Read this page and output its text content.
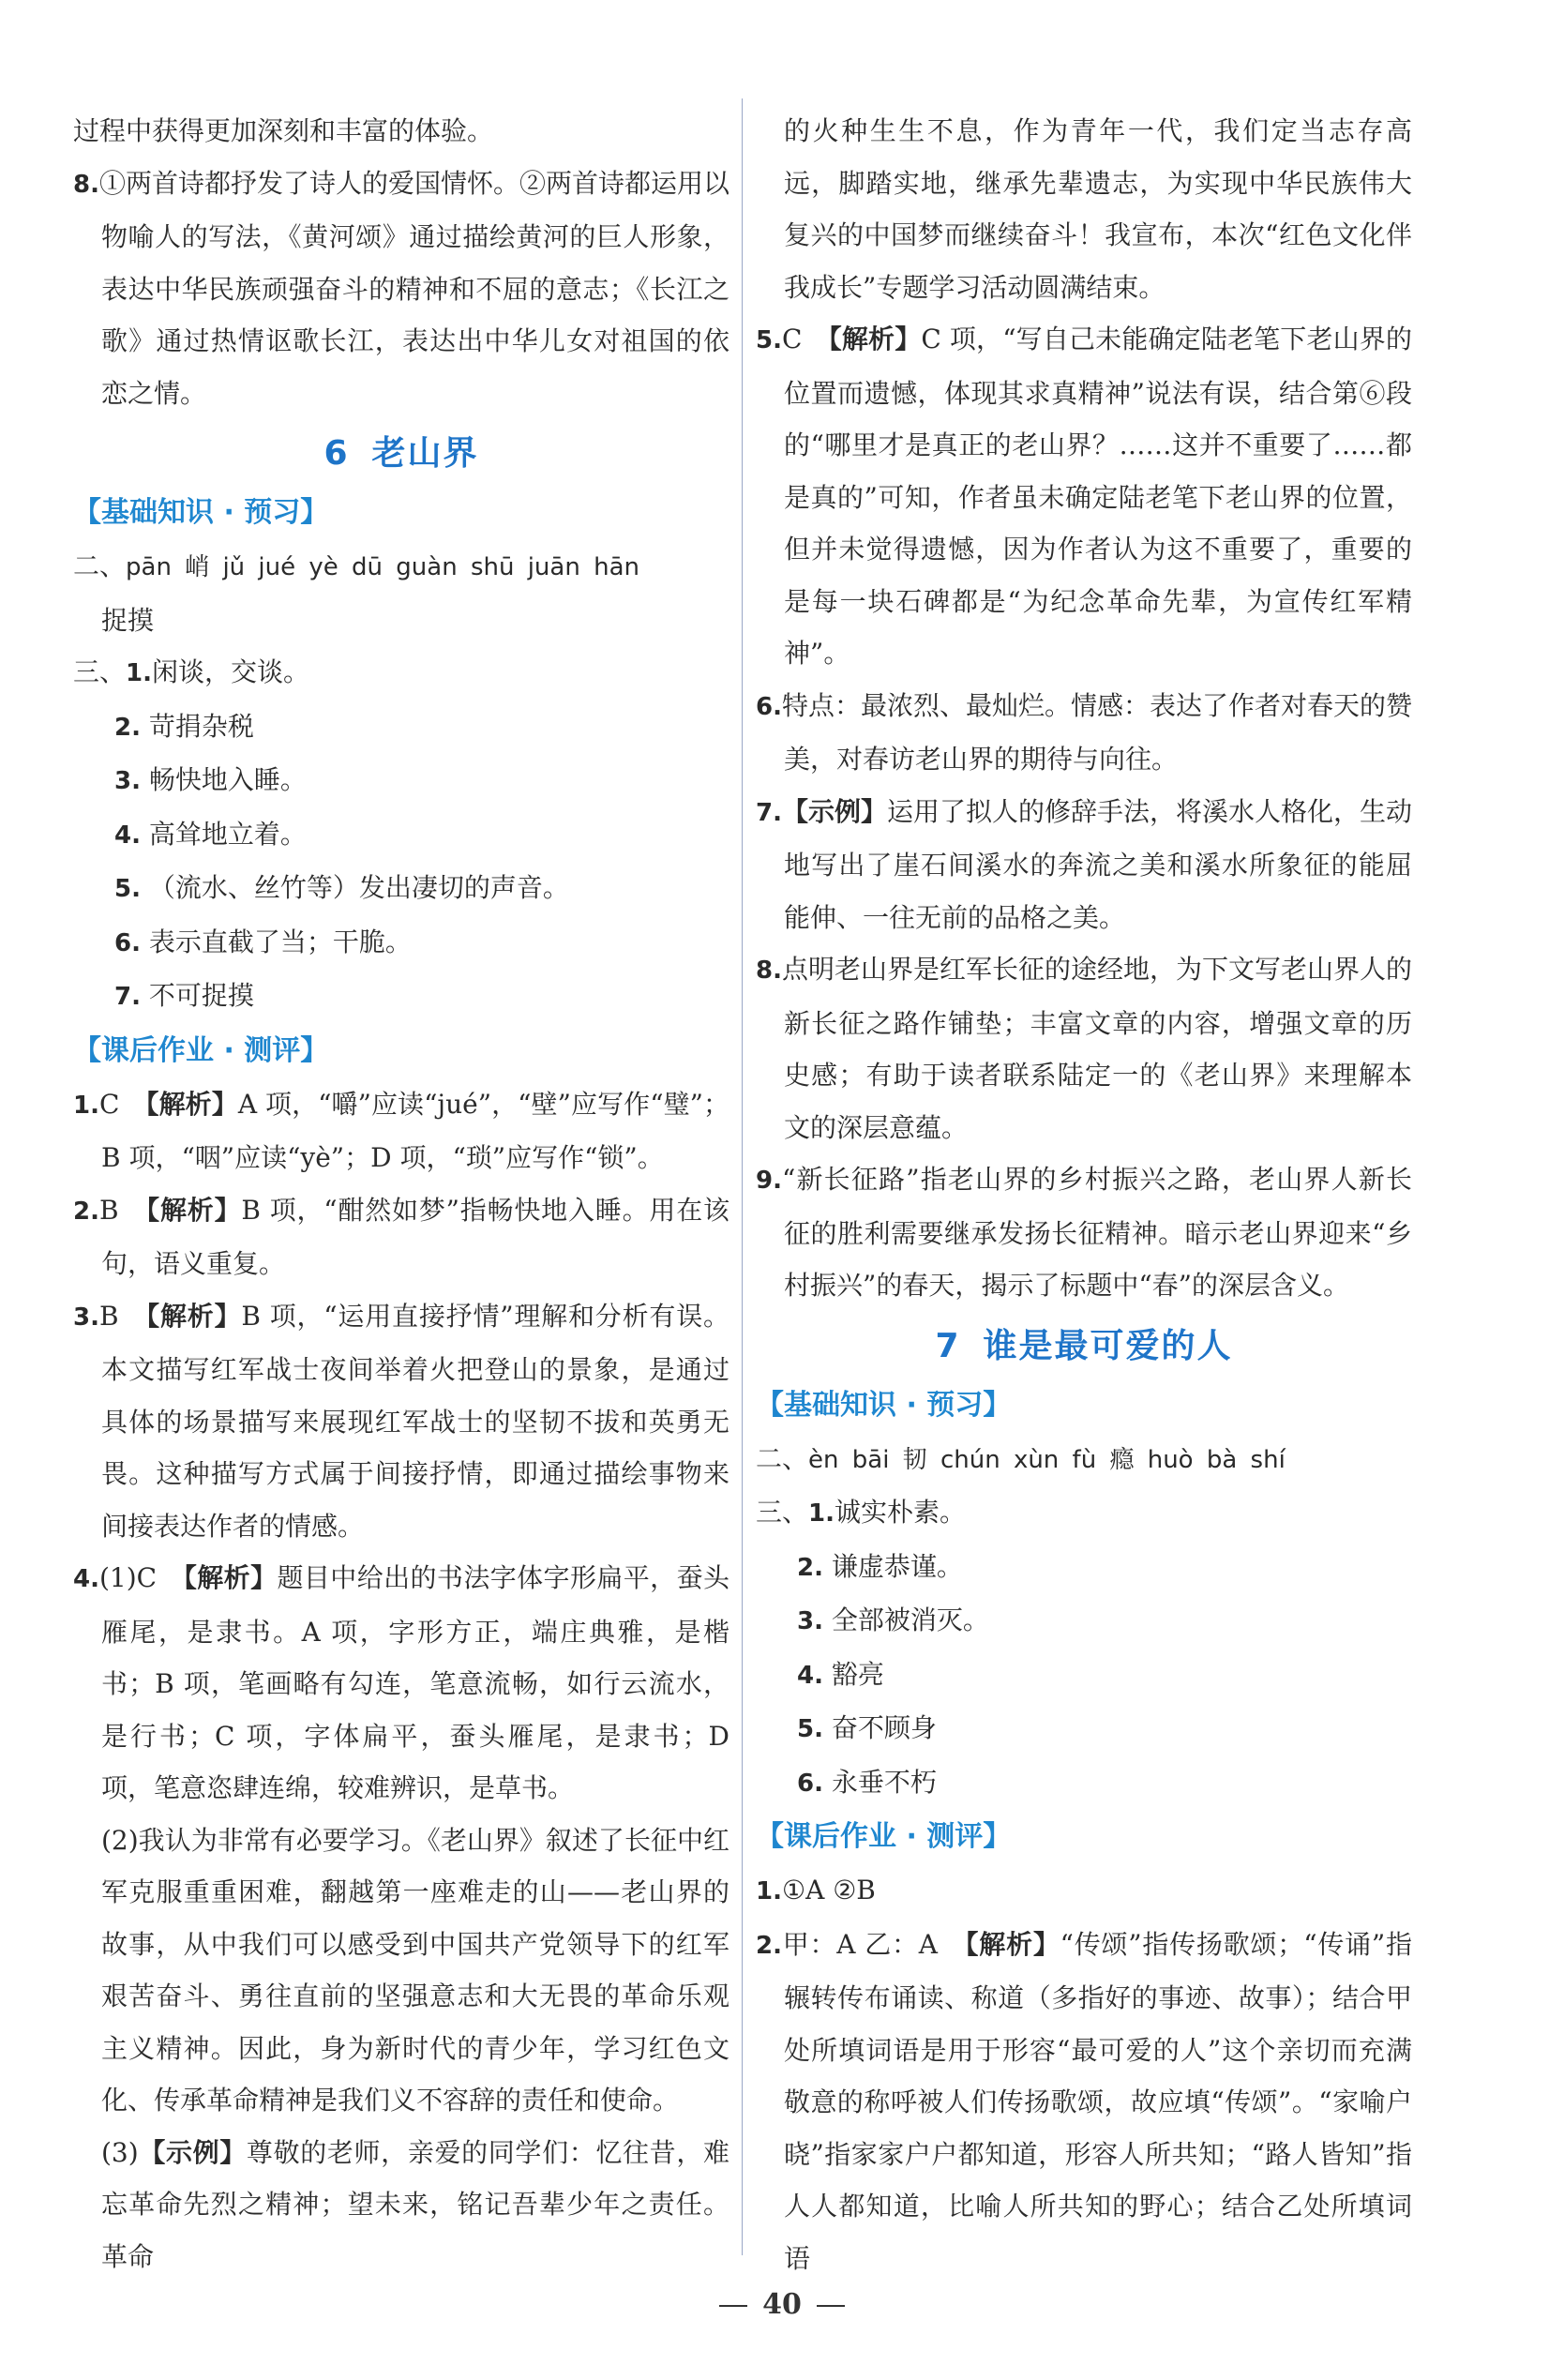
过程中获得更加深刻和丰富的体验。

8.①两首诗都抒发了诗人的爱国情怀。②两首诗都运用以物喻人的写法，《黄河颂》通过描绘黄河的巨人形象，表达中华民族顽强奋斗的精神和不屈的意志；《长江之歌》通过热情讴歌长江，表达出中华儿女对祖国的依恋之情。

6 老山界

【基础知识 · 预习】

二、pān 峭 jǔ jué yè dū guàn shū juān hān

捉摸

三、1.闲谈，交谈。

2. 苛捐杂税

3. 畅快地入睡。

4. 高耸地立着。

5. （流水、丝竹等）发出凄切的声音。

6. 表示直截了当；干脆。

7. 不可捉摸

【课后作业 · 测评】

1.C　 【解析】A 项，“嚼”应读“jué”，“壁”应写作“璧”；B 项，“咽”应读“yè”；D 项，“琐”应写作“锁”。

2.B　 【解析】B 项，“酣然如梦”指畅快地入睡。用在该句，语义重复。

3.B　 【解析】B 项，“运用直接抒情”理解和分析有误。本文描写红军战士夜间举着火把登山的景象，是通过具体的场景描写来展现红军战士的坚韧不拔和英勇无畏。这种描写方式属于间接抒情，即通过描绘事物来间接表达作者的情感。

4.(1)C　 【解析】题目中给出的书法字体字形扁平，蚕头雁尾，是隶书。A 项，字形方正，端庄典雅，是楷书；B 项，笔画略有勾连，笔意流畅，如行云流水，是行书；C 项，字体扁平，蚕头雁尾，是隶书；D 项，笔意恣肆连绵，较难辨识，是草书。

(2)我认为非常有必要学习。《老山界》叙述了长征中红军克服重重困难，翻越第一座难走的山——老山界的故事，从中我们可以感受到中国共产党领导下的红军艰苦奋斗、勇往直前的坚强意志和大无畏的革命乐观主义精神。因此，身为新时代的青少年，学习红色文化、传承革命精神是我们义不容辞的责任和使命。

(3)【示例】尊敬的老师，亲爱的同学们：忆往昔，难忘革命先烈之精神；望未来，铭记吾辈少年之责任。革命

的火种生生不息，作为青年一代，我们定当志存高远，脚踏实地，继承先辈遗志，为实现中华民族伟大复兴的中国梦而继续奋斗！我宣布，本次“红色文化伴我成长”专题学习活动圆满结束。

5.C　 【解析】C 项，“写自己未能确定陆老笔下老山界的位置而遗憾，体现其求真精神”说法有误，结合第⑥段的“哪里才是真正的老山界？……这并不重要了……都是真的”可知，作者虽未确定陆老笔下老山界的位置，但并未觉得遗憾，因为作者认为这不重要了，重要的是每一块石碑都是“为纪念革命先辈，为宣传红军精神”。

6.特点：最浓烈、最灿烂。情感：表达了作者对春天的赞美，对春访老山界的期待与向往。

7.【示例】运用了拟人的修辞手法，将溪水人格化，生动地写出了崖石间溪水的奔流之美和溪水所象征的能屈能伸、一往无前的品格之美。

8.点明老山界是红军长征的途经地，为下文写老山界人的新长征之路作铺垫；丰富文章的内容，增强文章的历史感；有助于读者联系陆定一的《老山界》来理解本文的深层意蕴。

9.“新长征路”指老山界的乡村振兴之路，老山界人新长征的胜利需要继承发扬长征精神。暗示老山界迎来“乡村振兴”的春天，揭示了标题中“春”的深层含义。

7 谁是最可爱的人

【基础知识 · 预习】

二、èn bāi 韧 chún xùn fù 瘾 huò bà shí

三、1.诚实朴素。

2. 谦虚恭谨。

3. 全部被消灭。

4. 豁亮

5. 奋不顾身

6. 永垂不朽

【课后作业 · 测评】

1.①A ②B

2.甲：A 乙：A　 【解析】“传颂”指传扬歌颂；“传诵”指辗转传布诵读、称道（多指好的事迹、故事）；结合甲处所填词语是用于形容“最可爱的人”这个亲切而充满敬意的称呼被人们传扬歌颂，故应填“传颂”。“家喻户晓”指家家户户都知道，形容人所共知；“路人皆知”指人人都知道，比喻人所共知的野心；结合乙处所填词语

40
